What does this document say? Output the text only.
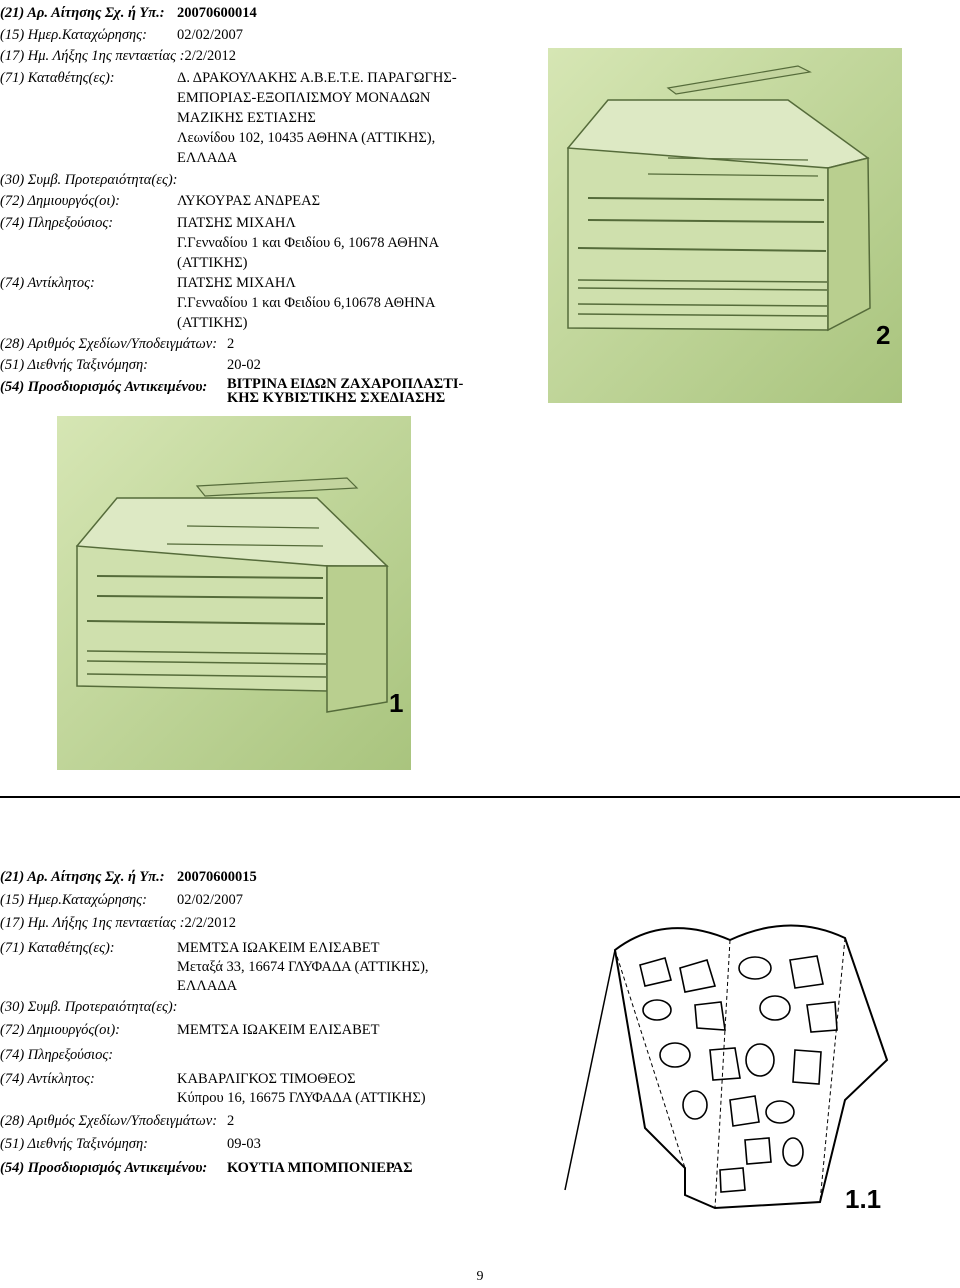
(21) Αρ. Αίτησης Σχ. ή Υπ.: 20070600014
(15) Ημερ.Καταχώρησης: 02/02/2007
(17) Ημ. Λήξης 1ης πενταετίας :2/2/2012
(71) Καταθέτης(ες):	Δ. ΔΡΑΚΟΥΛΑΚΗΣ Α.Β.Ε.Τ.Ε. ΠΑΡΑΓΩΓΗΣ-
ΕΜΠΟΡΙΑΣ-ΕΞΟΠΛΙΣΜΟΥ ΜΟΝΑΔΩΝ
ΜΑΖΙΚΗΣ ΕΣΤΙΑΣΗΣ
Λεωνίδου 102, 10435 ΑΘΗΝΑ (ΑΤΤΙΚΗΣ),
ΕΛΛΑΔΑ
(30) Συμβ. Προτεραιότητα(ες):
(72) Δημιουργός(οι):	ΛΥΚΟΥΡΑΣ ΑΝΔΡΕΑΣ
(74) Πληρεξούσιος:	ΠΑΤΣΗΣ ΜΙΧΑΗΛ
Γ.Γενναδίου 1 και Φειδίου 6, 10678 ΑΘΗΝΑ
(ΑΤΤΙΚΗΣ)
(74) Αντίκλητος:	ΠΑΤΣΗΣ ΜΙΧΑΗΛ
Γ.Γενναδίου 1 και Φειδίου 6,10678 ΑΘΗΝΑ
(ΑΤΤΙΚΗΣ)
(28) Αριθμός Σχεδίων/Υποδειγμάτων: 2
(51) Διεθνής Ταξινόμηση:	20-02
(54) Προσδιορισμός Αντικειμένου: ΒΙΤΡΙΝΑ ΕΙΔΩΝ ΖΑΧΑΡΟΠΛΑΣΤΙ-
ΚΗΣ ΚΥΒΙΣΤΙΚΗΣ ΣΧΕΔΙΑΣΗΣ
2
1
(21) Αρ. Αίτησης Σχ. ή Υπ.: 20070600015
(15) Ημερ.Καταχώρησης: 02/02/2007
(17) Ημ. Λήξης 1ης πενταετίας :2/2/2012
(71) Καταθέτης(ες):	ΜΕΜΤΣΑ ΙΩΑΚΕΙΜ ΕΛΙΣΑΒΕΤ
Μεταξά 33, 16674 ΓΛΥΦΑΔΑ (ΑΤΤΙΚΗΣ),
ΕΛΛΑΔΑ
(30) Συμβ. Προτεραιότητα(ες):
(72) Δημιουργός(οι):	ΜΕΜΤΣΑ ΙΩΑΚΕΙΜ ΕΛΙΣΑΒΕΤ
(74) Πληρεξούσιος:
(74) Αντίκλητος:	ΚΑΒΑΡΛΙΓΚΟΣ ΤΙΜΟΘΕΟΣ
Κύπρου 16, 16675 ΓΛΥΦΑΔΑ (ΑΤΤΙΚΗΣ)
(28) Αριθμός Σχεδίων/Υποδειγμάτων: 2
(51) Διεθνής Ταξινόμηση:	09-03
(54) Προσδιορισμός Αντικειμένου: ΚΟΥΤΙΑ ΜΠΟΜΠΟΝΙΕΡΑΣ
1.1
9
